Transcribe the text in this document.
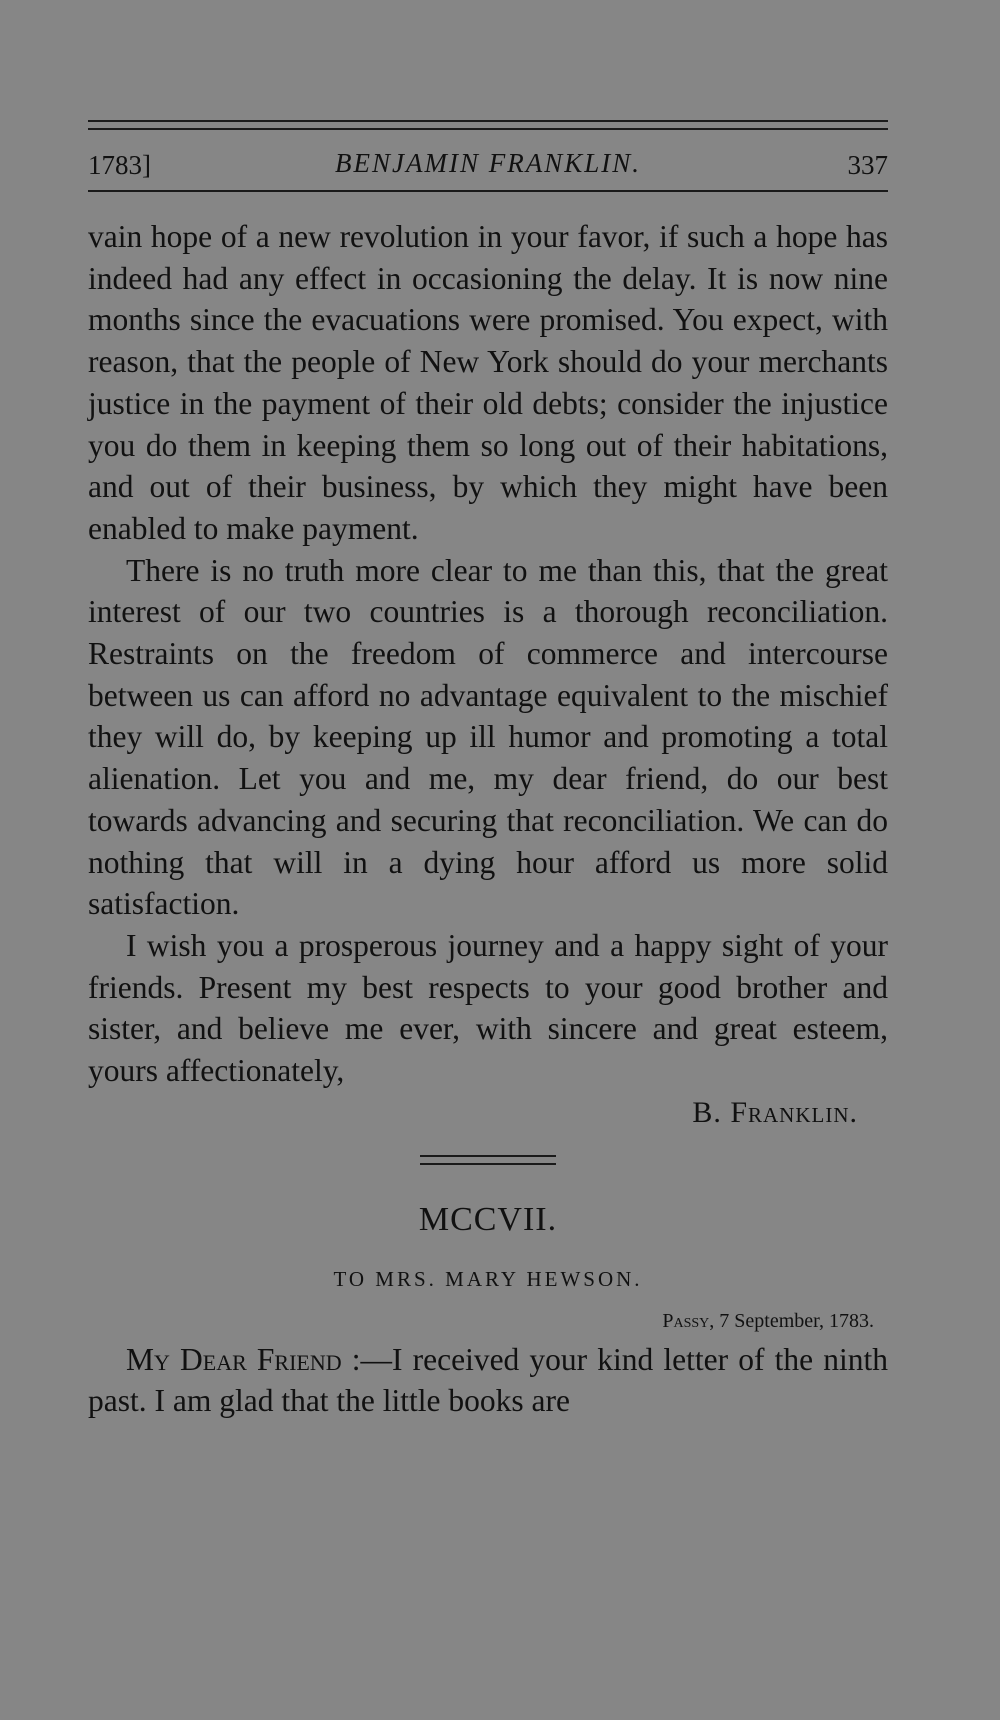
1783]	BENJAMIN FRANKLIN.	337

vain hope of a new revolution in your favor, if such a hope has indeed had any effect in occasioning the delay. It is now nine months since the evacuations were promised. You expect, with reason, that the people of New York should do your merchants justice in the payment of their old debts; consider the injustice you do them in keeping them so long out of their habitations, and out of their business, by which they might have been enabled to make payment.

There is no truth more clear to me than this, that the great interest of our two countries is a thorough reconciliation. Restraints on the freedom of commerce and intercourse between us can afford no advantage equivalent to the mischief they will do, by keeping up ill humor and promoting a total alienation. Let you and me, my dear friend, do our best towards advancing and securing that reconciliation. We can do nothing that will in a dying hour afford us more solid satisfaction.

I wish you a prosperous journey and a happy sight of your friends. Present my best respects to your good brother and sister, and believe me ever, with sincere and great esteem, yours affectionately,

B. Franklin.
MCCVII.
TO MRS. MARY HEWSON.
Passy, 7 September, 1783.

My Dear Friend :—I received your kind letter of the ninth past. I am glad that the little books are
